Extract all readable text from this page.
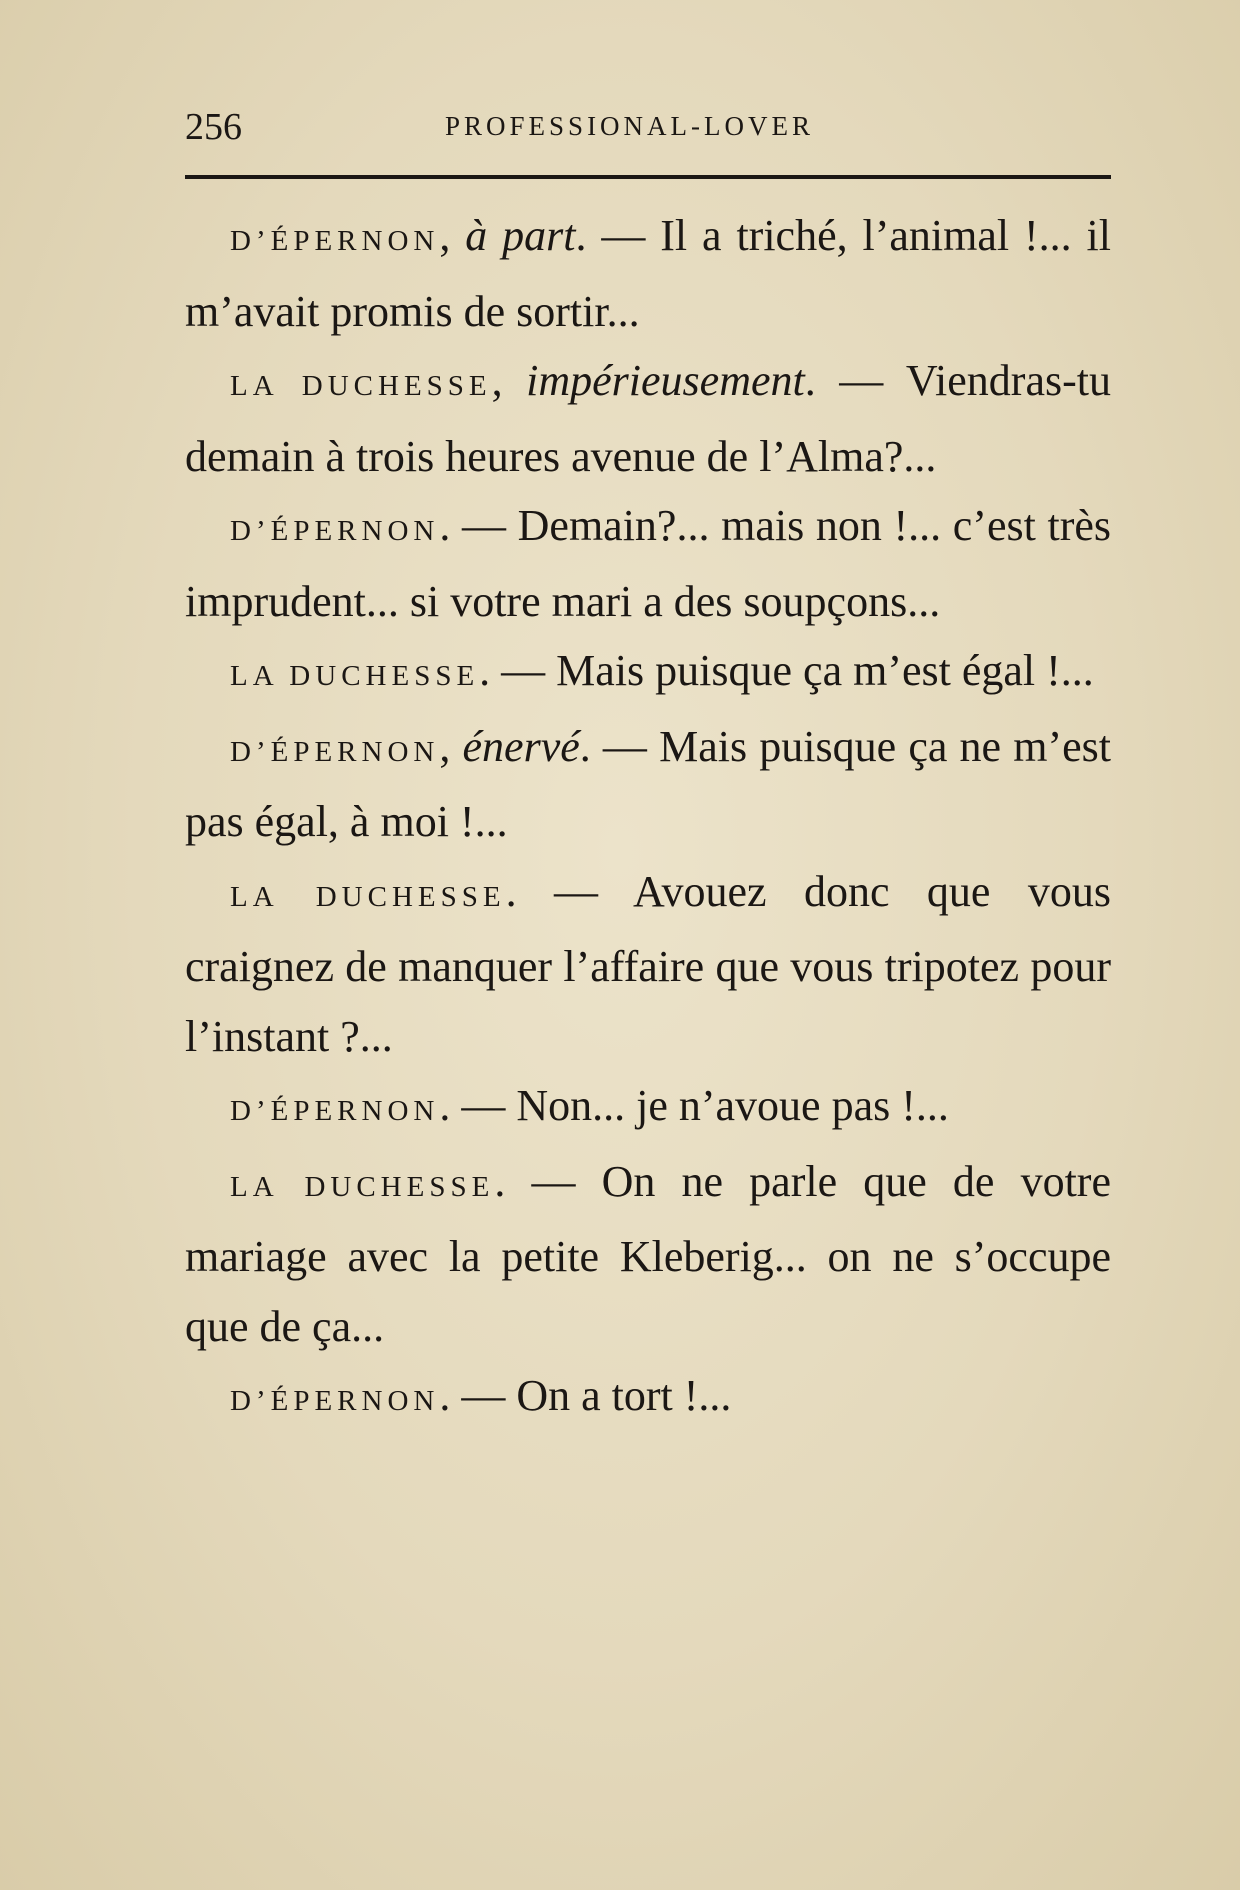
256	PROFESSIONAL-LOVER

D’ÉPERNON, à part. — Il a triché, l’animal !... il m’avait promis de sortir...

LA DUCHESSE, impérieusement. — Viendras-tu demain à trois heures avenue de l’Alma?...

D’ÉPERNON. — Demain?... mais non !... c’est très imprudent... si votre mari a des soupçons...

LA DUCHESSE. — Mais puisque ça m’est égal !...

D’ÉPERNON, énervé. — Mais puisque ça ne m’est pas égal, à moi !...

LA DUCHESSE. — Avouez donc que vous craignez de manquer l’affaire que vous tripotez pour l’instant ?...

D’ÉPERNON. — Non... je n’avoue pas !...

LA DUCHESSE. — On ne parle que de votre mariage avec la petite Kleberig... on ne s’occupe que de ça...

D’ÉPERNON. — On a tort !...
